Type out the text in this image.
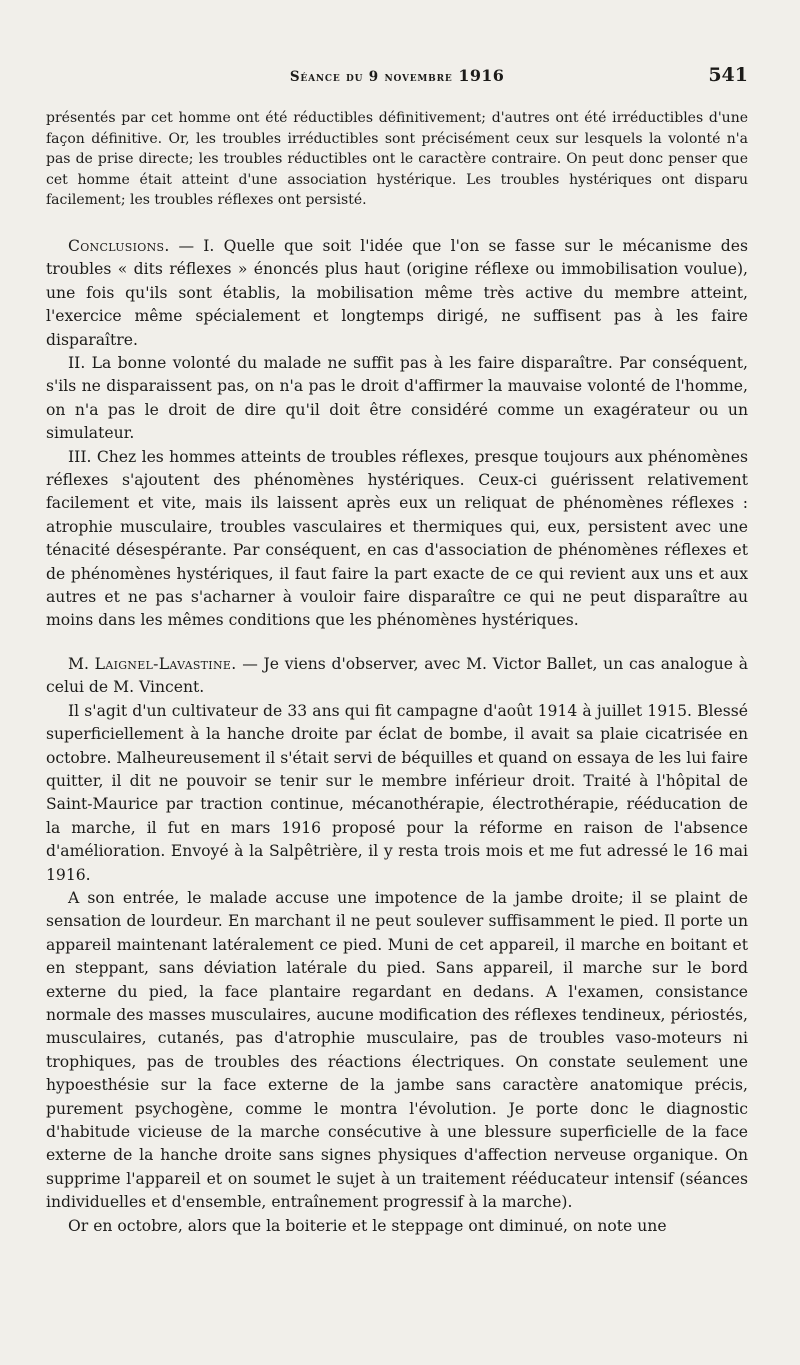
Séance du 9 novembre 1916	541

présentés par cet homme ont été réductibles définitivement; d'autres ont été irréductibles d'une façon définitive. Or, les troubles irréductibles sont précisément ceux sur lesquels la volonté n'a pas de prise directe; les troubles réductibles ont le caractère contraire. On peut donc penser que cet homme était atteint d'une association hystérique. Les troubles hystériques ont disparu facilement; les troubles réflexes ont persisté.

Conclusions. — I. Quelle que soit l'idée que l'on se fasse sur le mécanisme des troubles « dits réflexes » énoncés plus haut (origine réflexe ou immobilisation voulue), une fois qu'ils sont établis, la mobilisation même très active du membre atteint, l'exercice même spécialement et longtemps dirigé, ne suffisent pas à les faire disparaître.

II. La bonne volonté du malade ne suffit pas à les faire disparaître. Par conséquent, s'ils ne disparaissent pas, on n'a pas le droit d'affirmer la mauvaise volonté de l'homme, on n'a pas le droit de dire qu'il doit être considéré comme un exagérateur ou un simulateur.

III. Chez les hommes atteints de troubles réflexes, presque toujours aux phénomènes réflexes s'ajoutent des phénomènes hystériques. Ceux-ci guérissent relativement facilement et vite, mais ils laissent après eux un reliquat de phénomènes réflexes : atrophie musculaire, troubles vasculaires et thermiques qui, eux, persistent avec une ténacité désespérante. Par conséquent, en cas d'association de phénomènes réflexes et de phénomènes hystériques, il faut faire la part exacte de ce qui revient aux uns et aux autres et ne pas s'acharner à vouloir faire disparaître ce qui ne peut disparaître au moins dans les mêmes conditions que les phénomènes hystériques.

M. Laignel-Lavastine. — Je viens d'observer, avec M. Victor Ballet, un cas analogue à celui de M. Vincent.

Il s'agit d'un cultivateur de 33 ans qui fit campagne d'août 1914 à juillet 1915. Blessé superficiellement à la hanche droite par éclat de bombe, il avait sa plaie cicatrisée en octobre. Malheureusement il s'était servi de béquilles et quand on essaya de les lui faire quitter, il dit ne pouvoir se tenir sur le membre inférieur droit. Traité à l'hôpital de Saint-Maurice par traction continue, mécanothérapie, électrothérapie, rééducation de la marche, il fut en mars 1916 proposé pour la réforme en raison de l'absence d'amélioration. Envoyé à la Salpêtrière, il y resta trois mois et me fut adressé le 16 mai 1916.

A son entrée, le malade accuse une impotence de la jambe droite; il se plaint de sensation de lourdeur. En marchant il ne peut soulever suffisamment le pied. Il porte un appareil maintenant latéralement ce pied. Muni de cet appareil, il marche en boitant et en steppant, sans déviation latérale du pied. Sans appareil, il marche sur le bord externe du pied, la face plantaire regardant en dedans. A l'examen, consistance normale des masses musculaires, aucune modification des réflexes tendineux, périostés, musculaires, cutanés, pas d'atrophie musculaire, pas de troubles vaso-moteurs ni trophiques, pas de troubles des réactions électriques. On constate seulement une hypoesthésie sur la face externe de la jambe sans caractère anatomique précis, purement psychogène, comme le montra l'évolution. Je porte donc le diagnostic d'habitude vicieuse de la marche consécutive à une blessure superficielle de la face externe de la hanche droite sans signes physiques d'affection nerveuse organique. On supprime l'appareil et on soumet le sujet à un traitement rééducateur intensif (séances individuelles et d'ensemble, entraînement progressif à la marche).

Or en octobre, alors que la boiterie et le steppage ont diminué, on note une
